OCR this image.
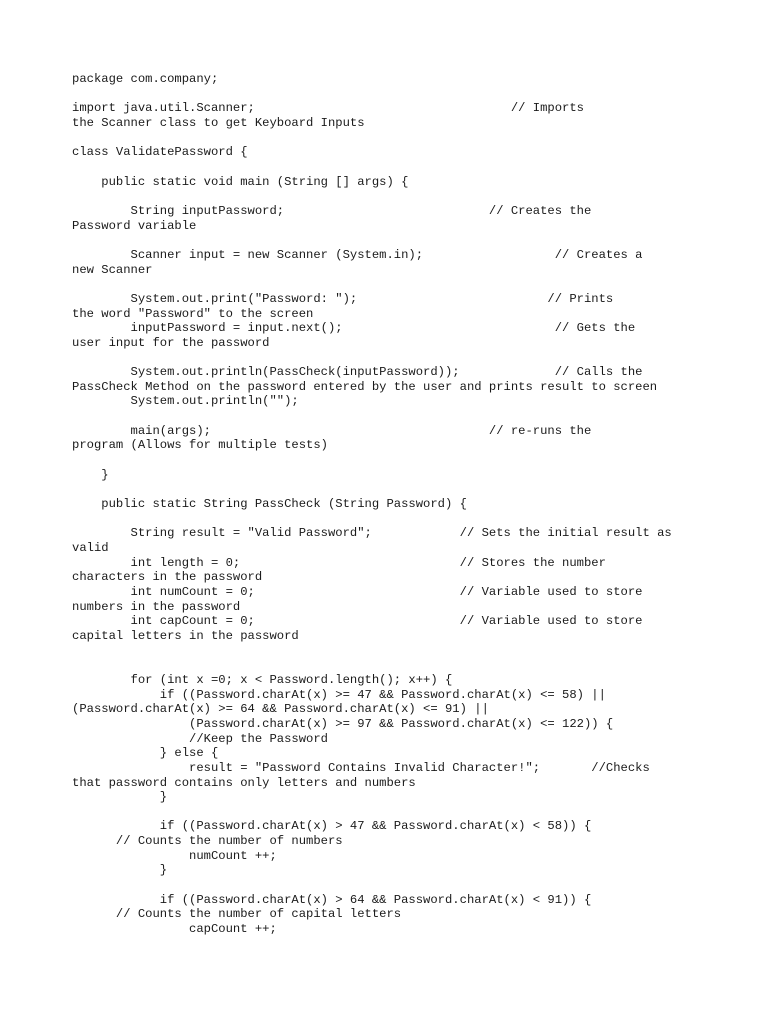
package com.company;
import java.util.Scanner;                                   // Imports
the Scanner class to get Keyboard Inputs
class ValidatePassword {
public static void main (String [] args) {
String inputPassword;                            // Creates the
Password variable
Scanner input = new Scanner (System.in);                  // Creates a
new Scanner
System.out.print("Password: ");                          // Prints
the word "Password" to the screen
inputPassword = input.next();                             // Gets the
user input for the password
System.out.println(PassCheck(inputPassword));             // Calls the
PassCheck Method on the password entered by the user and prints result to screen
System.out.println("");
main(args);                                      // re-runs the
program (Allows for multiple tests)
}
public static String PassCheck (String Password) {
String result = "Valid Password";            // Sets the initial result as
valid
int length = 0;                              // Stores the number
characters in the password
int numCount = 0;                            // Variable used to store
numbers in the password
int capCount = 0;                            // Variable used to store
capital letters in the password
for (int x =0; x < Password.length(); x++) {
if ((Password.charAt(x) >= 47 && Password.charAt(x) <= 58) ||
(Password.charAt(x) >= 64 && Password.charAt(x) <= 91) ||
(Password.charAt(x) >= 97 && Password.charAt(x) <= 122)) {
//Keep the Password
} else {
result = "Password Contains Invalid Character!";       //Checks
that password contains only letters and numbers
}
if ((Password.charAt(x) > 47 && Password.charAt(x) < 58)) {
// Counts the number of numbers
numCount ++;
}
if ((Password.charAt(x) > 64 && Password.charAt(x) < 91)) {
// Counts the number of capital letters
capCount ++;
